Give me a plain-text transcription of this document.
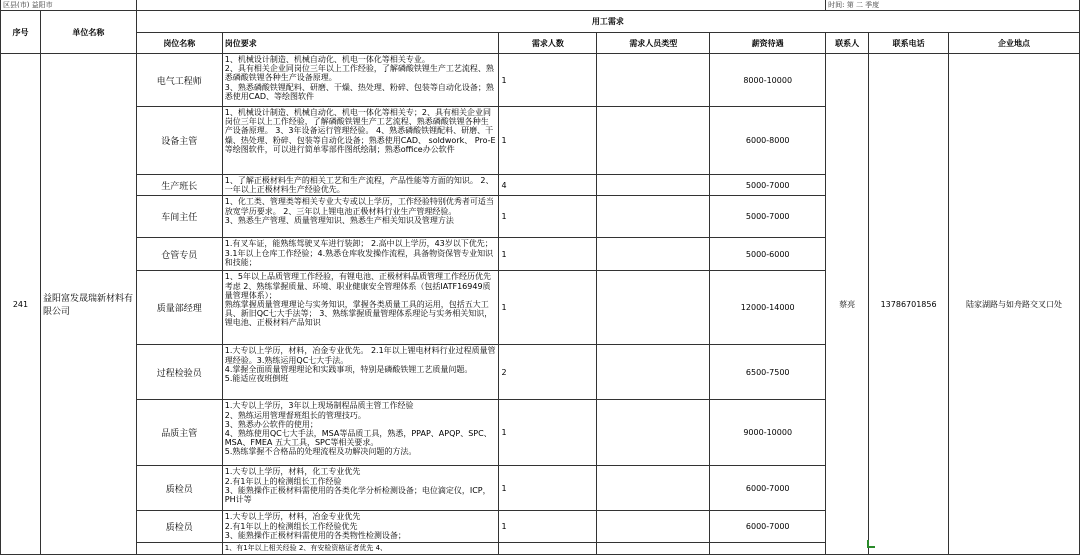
区县(市) 益阳市							时间: 第 二 季度		
序号	单位名称	用工需求							
		岗位名称	岗位要求	需求人数	需求人员类型	薪资待遇	联系人	联系电话	企业地点
241	益阳富发晟瑞新材料有限公司	电气工程师	1、机械设计制造、机械自动化、机电一体化等相关专业。
2、具有相关企业同岗位三年以上工作经验，了解磷酸铁锂生产工艺流程、熟悉磷酸铁锂各种生产设备原理。
3、熟悉磷酸铁锂配料、研磨、干燥、热处理、粉碎、包装等自动化设备；熟悉使用CAD、等绘图软件	1		8000-10000	蔡亮	13786701856	陆家湖路与如舟路交叉口处
		设备主管	1、机械设计制造、机械自动化、机电一体化等相关专；2、具有相关企业同岗位三年以上工作经验，了解磷酸铁锂生产工艺流程、熟悉磷酸铁锂各种生产设备原理。 3、3年设备运行管理经验。 4、熟悉磷酸铁锂配料、研磨、干燥、热处理、粉碎、包装等自动化设备；熟悉使用CAD、 soldwork、 Pro-E等绘图软件，可以进行简单零部件图纸绘制；熟悉office办公软件	1		6000-8000			
		生产班长	1、了解正极材料生产的相关工艺和生产流程，产品性能等方面的知识。 2、一年以上正极材料生产经验优先。	4		5000-7000			
		车间主任	1、化工类、管理类等相关专业大专或以上学历，工作经验特别优秀者可适当放宽学历要求。 2、三年以上锂电池正极材料行业生产管理经验。
3、熟悉生产管理、质量管理知识、熟悉生产相关知识及管理方法	1		5000-7000			
		仓管专员	1.有叉车证，能熟练驾驶叉车进行装卸； 2.高中以上学历，43岁以下优先； 3.1年以上仓库工作经验；4.熟悉仓库收发操作流程，具备物资保管专业知识和技能；	1		5000-6000			
		质量部经理	1、5年以上品质管理工作经验，有锂电池、正极材料品质管理工作经历优先考虑 2、熟练掌握质量、环境、职业健康安全管理体系（包括IATF16949质量管理体系）；
熟练掌握质量管理理论与实务知识，掌握各类质量工具的运用，包括五大工具、新旧QC七大手法等； 3、熟练掌握质量管理体系理论与实务相关知识，锂电池、正极材料产品知识	1		12000-14000			
		过程检验员	1.大专以上学历，材料，冶金专业优先。 2.1年以上锂电材料行业过程质量管理经验。3.熟练运用QC七大手法。
4.掌握全面质量管理理论和实践事项，特别是磷酸铁锂工艺质量问题。
5.能适应夜班倒班	2		6500-7500			
		品质主管	1.大专以上学历，3年以上现场制程品质主管工作经验
2、熟练运用管理督班组长的管理技巧。
3、熟悉办公软件的使用；
4、熟练使用QC七大手法，MSA等品质工具，熟悉，PPAP、APQP、SPC、MSA、FMEA 五大工具，SPC等相关要求。
5.熟练掌握不合格品的处理流程及功解决问题的方法。	1		9000-10000			
		质检员	1.大专以上学历，材料，化工专业优先
2.有1年以上的检测组长工作经验
3、能熟操作正极材料需使用的各类化学分析检测设备；电位滴定仪，ICP，PH计等	1		6000-7000			
		质检员	1.大专以上学历，材料，冶金专业优先
2.有1年以上的检测组长工作经验优先
3、能熟操作正极材料需使用的各类物性检测设备；	1		6000-7000			
			1、有1年以上相关经验 2、有安检资格证者优先 4、						
